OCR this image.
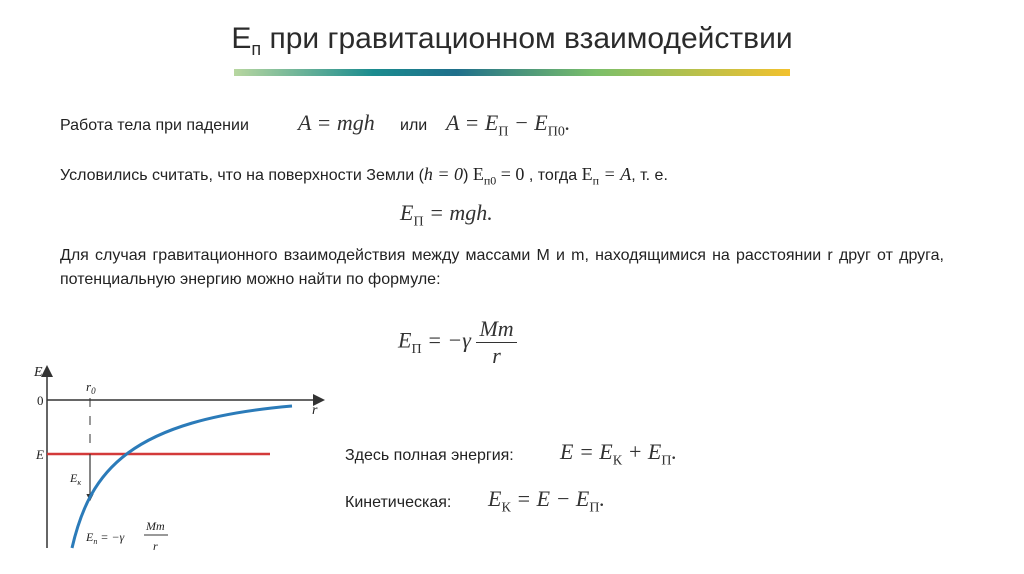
$E_п$ при гравитационном взаимодействии
Работа тела при падении A = mgh или $A = E_П - E_{П0}$.
Условились считать, что на поверхности Земли (h = 0) $E_{п0} = 0$ , тогда $E_п = A$, т. е.
$E_П$ = mgh.
Для случая гравитационного взаимодействия между массами M и m, находящимися на расстоянии r друг от друга, потенциальную энергию можно найти по формуле:
$E_П = -\gamma \frac{Mm}{r}$
Здесь полная энергия: $E = E_К + E_П$.
Кинетическая: $E_К = E - E_П$.
E
r
0
$r_0$
E
$E_к$
$E_п = -\gamma$
Mm
r
